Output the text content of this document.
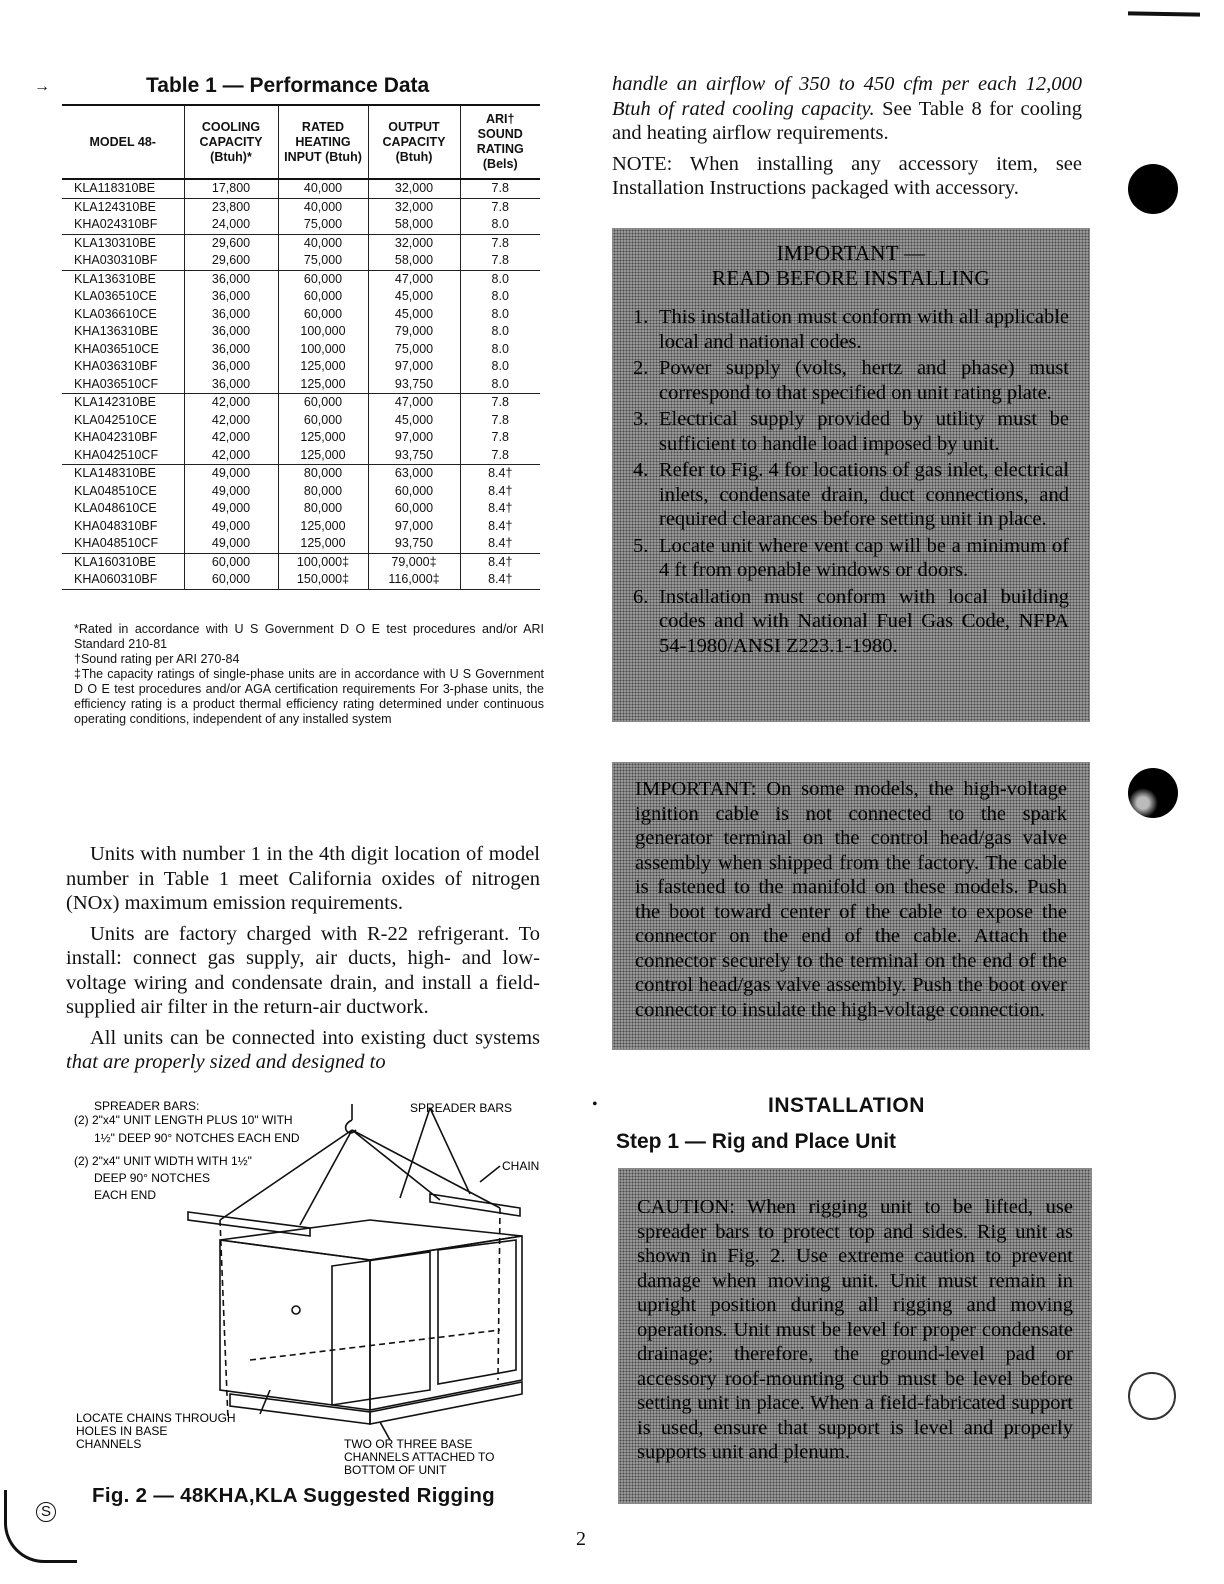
→	Table 1 — Performance Data
MODEL 48-	COOLING CAPACITY (Btuh)*	RATED HEATING INPUT (Btuh)	OUTPUT CAPACITY (Btuh)	ARI† SOUND RATING (Bels)
KLA118310BE	17,800	40,000	32,000	7.8
KLA124310BE	23,800	40,000	32,000	7.8
KHA024310BF	24,000	75,000	58,000	8.0
KLA130310BE	29,600	40,000	32,000	7.8
KHA030310BF	29,600	75,000	58,000	7.8
KLA136310BE	36,000	60,000	47,000	8.0
KLA036510CE	36,000	60,000	45,000	8.0
KLA036610CE	36,000	60,000	45,000	8.0
KHA136310BE	36,000	100,000	79,000	8.0
KHA036510CE	36,000	100,000	75,000	8.0
KHA036310BF	36,000	125,000	97,000	8.0
KHA036510CF	36,000	125,000	93,750	8.0
KLA142310BE	42,000	60,000	47,000	7.8
KLA042510CE	42,000	60,000	45,000	7.8
KHA042310BF	42,000	125,000	97,000	7.8
KHA042510CF	42,000	125,000	93,750	7.8
KLA148310BE	49,000	80,000	63,000	8.4†
KLA048510CE	49,000	80,000	60,000	8.4†
KLA048610CE	49,000	80,000	60,000	8.4†
KHA048310BF	49,000	125,000	97,000	8.4†
KHA048510CF	49,000	125,000	93,750	8.4†
KLA160310BE	60,000	100,000‡	79,000‡	8.4†
KHA060310BF	60,000	150,000‡	116,000‡	8.4†

*Rated in accordance with U S Government D O E test procedures and/or ARI Standard 210-81

†Sound rating per ARI 270-84

‡The capacity ratings of single-phase units are in accordance with U S Government D O E test procedures and/or AGA certification requirements For 3-phase units, the efficiency rating is a product thermal efficiency rating determined under continuous operating conditions, independent of any installed system

Units with number 1 in the 4th digit location of model number in Table 1 meet California oxides of nitrogen (NOx) maximum emission requirements.

Units are factory charged with R-22 refrigerant. To install: connect gas supply, air ducts, high- and low-voltage wiring and condensate drain, and install a field-supplied air filter in the return-air ductwork.

All units can be connected into existing duct systems that are properly sized and designed to

handle an airflow of 350 to 450 cfm per each 12,000 Btuh of rated cooling capacity. See Table 8 for cooling and heating airflow requirements.

NOTE: When installing any accessory item, see Installation Instructions packaged with accessory.

IMPORTANT —
READ BEFORE INSTALLING
1. This installation must conform with all applicable local and national codes.
2. Power supply (volts, hertz and phase) must correspond to that specified on unit rating plate.
3. Electrical supply provided by utility must be sufficient to handle load imposed by unit.
4. Refer to Fig. 4 for locations of gas inlet, electrical inlets, condensate drain, duct connections, and required clearances before setting unit in place.
5. Locate unit where vent cap will be a minimum of 4 ft from openable windows or doors.
6. Installation must conform with local building codes and with National Fuel Gas Code, NFPA 54-1980/ANSI Z223.1-1980.

IMPORTANT: On some models, the high-voltage ignition cable is not connected to the spark generator terminal on the control head/gas valve assembly when shipped from the factory. The cable is fastened to the manifold on these models. Push the boot toward center of the cable to expose the connector on the end of the cable. Attach the connector securely to the terminal on the end of the control head/gas valve assembly. Push the boot over connector to insulate the high-voltage connection.

•	INSTALLATION
Step 1 — Rig and Place Unit

CAUTION: When rigging unit to be lifted, use spreader bars to protect top and sides. Rig unit as shown in Fig. 2. Use extreme caution to prevent damage when moving unit. Unit must remain in upright position during all rigging and moving operations. Unit must be level for proper condensate drainage; therefore, the ground-level pad or accessory roof-mounting curb must be level before setting unit in place. When a field-fabricated support is used, ensure that support is level and properly supports unit and plenum.

SPREADER BARS:
(2) 2"x4" UNIT LENGTH PLUS 10" WITH
1½" DEEP 90° NOTCHES EACH END
(2) 2"x4" UNIT WIDTH WITH 1½"
DEEP 90° NOTCHES
EACH END
SPREADER BARS
CHAIN
LOCATE CHAINS THROUGH
HOLES IN BASE
CHANNELS	TWO OR THREE BASE
CHANNELS ATTACHED TO
BOTTOM OF UNIT
Fig. 2 — 48KHA,KLA Suggested Rigging
S
2
